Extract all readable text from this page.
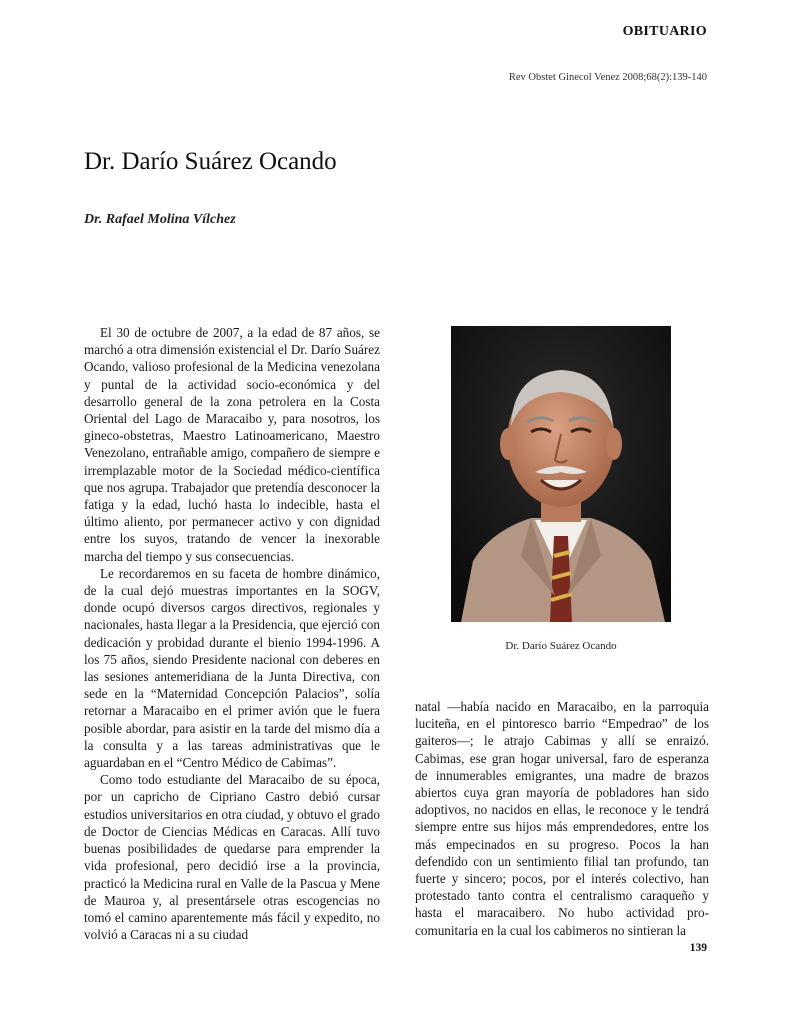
OBITUARIO
Rev Obstet Ginecol Venez 2008;68(2):139-140
Dr. Darío Suárez Ocando
Dr. Rafael Molina Vílchez

El 30 de octubre de 2007, a la edad de 87 años, se marchó a otra dimensión existencial el Dr. Darío Suárez Ocando, valioso profesional de la Medicina venezolana y puntal de la actividad socio-económica y del desarrollo general de la zona petrolera en la Costa Oriental del Lago de Maracaibo y, para nosotros, los gineco-obstetras, Maestro Latinoamericano, Maestro Venezolano, entrañable amigo, compañero de siempre e irremplazable motor de la Sociedad médico-científica que nos agrupa. Trabajador que pretendía desconocer la fatiga y la edad, luchó hasta lo indecible, hasta el último aliento, por permanecer activo y con dignidad entre los suyos, tratando de vencer la inexorable marcha del tiempo y sus consecuencias.

Le recordaremos en su faceta de hombre dinámico, de la cual dejó muestras importantes en la SOGV, donde ocupó diversos cargos directivos, regionales y nacionales, hasta llegar a la Presidencia, que ejerció con dedicación y probidad durante el bienio 1994-1996. A los 75 años, siendo Presidente nacional con deberes en las sesiones antemeridiana de la Junta Directiva, con sede en la “Maternidad Concepción Palacios”, solía retornar a Maracaibo en el primer avión que le fuera posible abordar, para asistir en la tarde del mismo día a la consulta y a las tareas administrativas que le aguardaban en el “Centro Médico de Cabimas”.

Como todo estudiante del Maracaibo de su época, por un capricho de Cipriano Castro debió cursar estudios universitarios en otra ciudad, y obtuvo el grado de Doctor de Ciencias Médicas en Caracas. Allí tuvo buenas posibilidades de quedarse para emprender la vida profesional, pero decidió irse a la provincia, practicó la Medicina rural en Valle de la Pascua y Mene de Mauroa y, al presentársele otras escogencias no tomó el camino aparentemente más fácil y expedito, no volvió a Caracas ni a su ciudad

Dr. Darío Suárez Ocando

natal —había nacido en Maracaibo, en la parroquia luciteña, en el pintoresco barrio “Empedrao” de los gaiteros—; le atrajo Cabimas y allí se enraizó. Cabimas, ese gran hogar universal, faro de esperanza de innumerables emigrantes, una madre de brazos abiertos cuya gran mayoría de pobladores han sido adoptivos, no nacidos en ellas, le reconoce y le tendrá siempre entre sus hijos más emprendedores, entre los más empecinados en su progreso. Pocos la han defendido con un sentimiento filial tan profundo, tan fuerte y sincero; pocos, por el interés colectivo, han protestado tanto contra el centralismo caraqueño y hasta el maracaibero. No hubo actividad pro-comunitaria en la cual los cabimeros no sintieran la

139
